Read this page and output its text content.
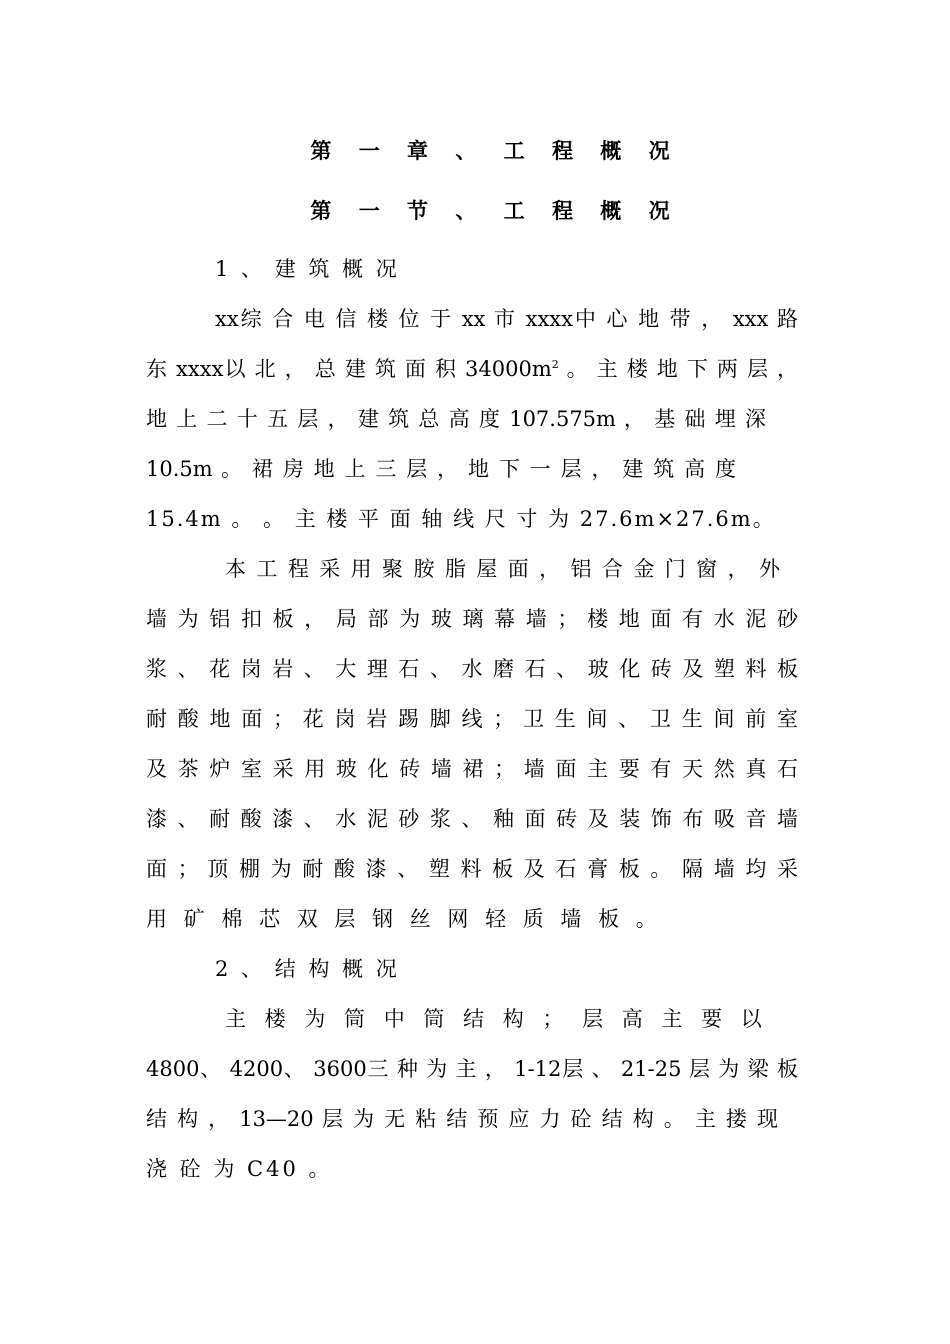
第 一 章 、 工 程 概 况
第 一 节 、 工 程 概 况
1 、 建 筑 概 况
xx综 合 电 信 楼 位 于 xx 市 xxxx中 心 地 带 ， xxx 路
东 xxxx以 北 ， 总 建 筑 面 积 $34000m^2$ 。 主 楼 地 下 两 层 ，
地 上 二 十 五 层 ， 建 筑 总 高 度 107.575m ， 基 础 埋 深
10.5m 。 裙 房 地 上 三 层 ， 地 下 一 层 ， 建 筑 高 度
15.4m 。 。 主 楼 平 面 轴 线 尺 寸 为 27.6m×27.6m。
本 工 程 采 用 聚 胺 脂 屋 面 ， 铝 合 金 门 窗 ， 外
墙 为 铝 扣 板 ， 局 部 为 玻 璃 幕 墙 ； 楼 地 面 有 水 泥 砂
浆 、 花 岗 岩 、 大 理 石 、 水 磨 石 、 玻 化 砖 及 塑 料 板
耐 酸 地 面 ； 花 岗 岩 踢 脚 线 ； 卫 生 间 、 卫 生 间 前 室
及 茶 炉 室 采 用 玻 化 砖 墙 裙 ； 墙 面 主 要 有 天 然 真 石
漆 、 耐 酸 漆 、 水 泥 砂 浆 、 釉 面 砖 及 装 饰 布 吸 音 墙
面 ； 顶 棚 为 耐 酸 漆 、 塑 料 板 及 石 膏 板 。 隔 墙 均 采
用 矿 棉 芯 双 层 钢 丝 网 轻 质 墙 板 。
2 、 结 构 概 况
主 楼 为 筒 中 筒 结 构 ； 层 高 主 要 以
4800、 4200、 3600三 种 为 主 ， 1-12层 、 21-25 层 为 梁 板
结 构 ， 13—20 层 为 无 粘 结 预 应 力 砼 结 构 。 主 搂 现
浇 砼 为 C40 。
